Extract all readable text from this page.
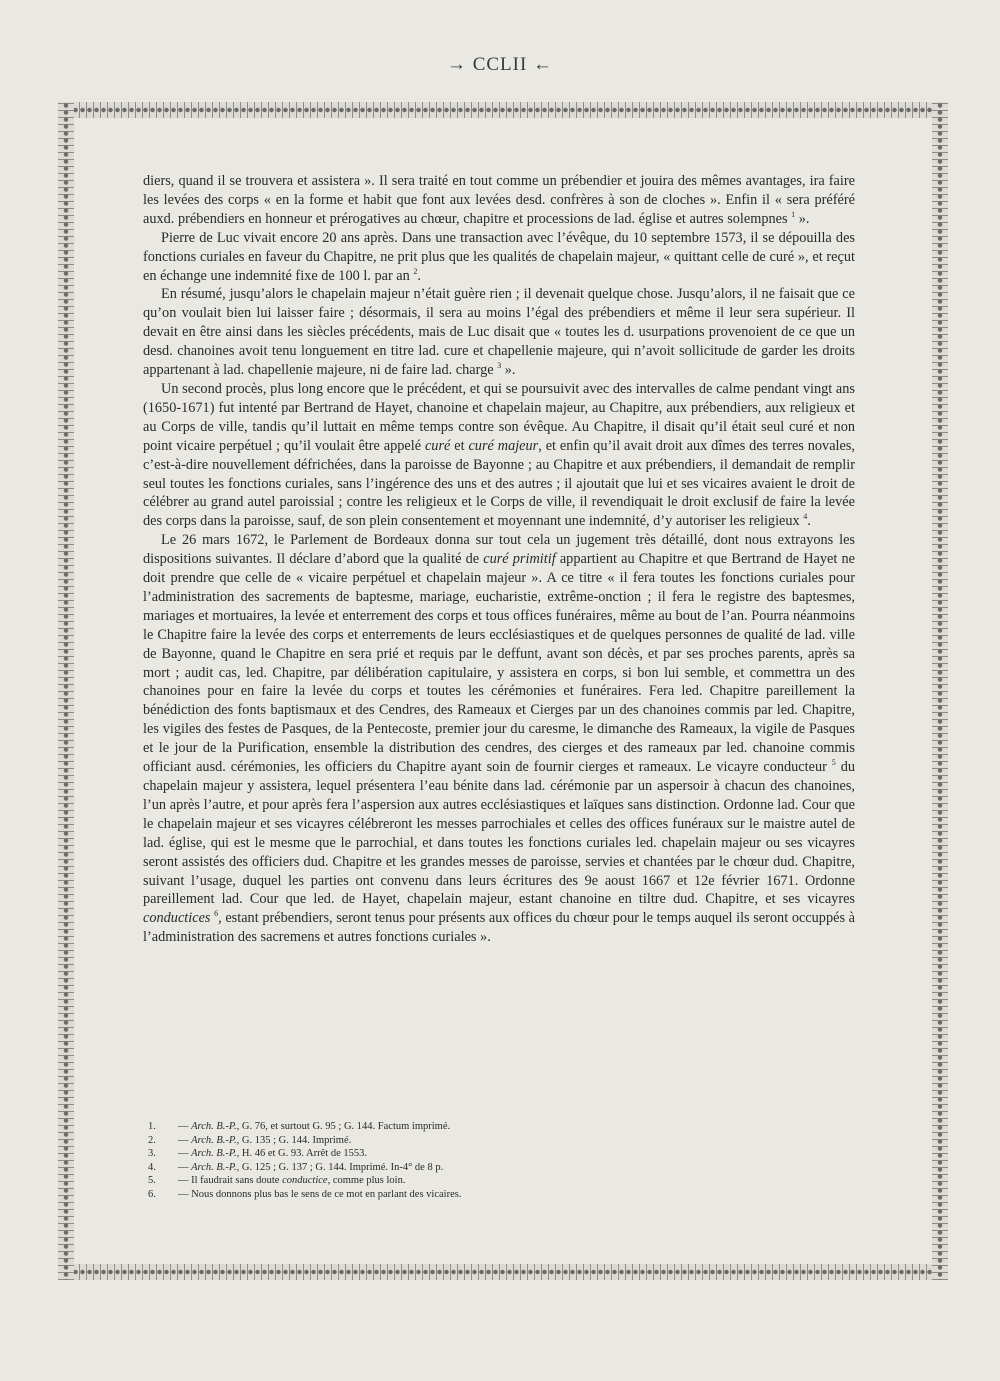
→ CCLII ←

diers, quand il se trouvera et assistera ». Il sera traité en tout comme un prébendier et jouira des mêmes avantages, ira faire les levées des corps « en la forme et habit que font aux levées desd. confrères à son de cloches ». Enfin il « sera préféré auxd. prébendiers en honneur et prérogatives au chœur, chapitre et processions de lad. église et autres solempnes $^1$ ».

Pierre de Luc vivait encore 20 ans après. Dans une transaction avec l’évêque, du 10 septembre 1573, il se dépouilla des fonctions curiales en faveur du Chapitre, ne prit plus que les qualités de chapelain majeur, « quittant celle de curé », et reçut en échange une indemnité fixe de 100 l. par an $^2$.

En résumé, jusqu’alors le chapelain majeur n’était guère rien ; il devenait quelque chose. Jusqu’alors, il ne faisait que ce qu’on voulait bien lui laisser faire ; désormais, il sera au moins l’égal des prébendiers et même il leur sera supérieur. Il devait en être ainsi dans les siècles précédents, mais de Luc disait que « toutes les d. usurpations provenoient de ce que un desd. chanoines avoit tenu longuement en titre lad. cure et chapellenie majeure, qui n’avoit sollicitude de garder les droits appartenant à lad. chapellenie majeure, ni de faire lad. charge $^3$ ».

Un second procès, plus long encore que le précédent, et qui se poursuivit avec des intervalles de calme pendant vingt ans (1650-1671) fut intenté par Bertrand de Hayet, chanoine et chapelain majeur, au Chapitre, aux prébendiers, aux religieux et au Corps de ville, tandis qu’il luttait en même temps contre son évêque. Au Chapitre, il disait qu’il était seul curé et non point vicaire perpétuel ; qu’il voulait être appelé curé et curé majeur, et enfin qu’il avait droit aux dîmes des terres novales, c’est-à-dire nouvellement défrichées, dans la paroisse de Bayonne ; au Chapitre et aux prébendiers, il demandait de remplir seul toutes les fonctions curiales, sans l’ingérence des uns et des autres ; il ajoutait que lui et ses vicaires avaient le droit de célébrer au grand autel paroissial ; contre les religieux et le Corps de ville, il revendiquait le droit exclusif de faire la levée des corps dans la paroisse, sauf, de son plein consentement et moyennant une indemnité, d’y autoriser les religieux $^4$.

Le 26 mars 1672, le Parlement de Bordeaux donna sur tout cela un jugement très détaillé, dont nous extrayons les dispositions suivantes. Il déclare d’abord que la qualité de curé primitif appartient au Chapitre et que Bertrand de Hayet ne doit prendre que celle de « vicaire perpétuel et chapelain majeur ». A ce titre « il fera toutes les fonctions curiales pour l’administration des sacrements de baptesme, mariage, eucharistie, extrême-onction ; il fera le registre des baptesmes, mariages et mortuaires, la levée et enterrement des corps et tous offices funéraires, même au bout de l’an. Pourra néanmoins le Chapitre faire la levée des corps et enterrements de leurs ecclésiastiques et de quelques personnes de qualité de lad. ville de Bayonne, quand le Chapitre en sera prié et requis par le deffunt, avant son décès, et par ses proches parents, après sa mort ; audit cas, led. Chapitre, par délibération capitulaire, y assistera en corps, si bon lui semble, et commettra un des chanoines pour en faire la levée du corps et toutes les cérémonies et funéraires. Fera led. Chapitre pareillement la bénédiction des fonts baptismaux et des Cendres, des Rameaux et Cierges par un des chanoines commis par led. Chapitre, les vigiles des festes de Pasques, de la Pentecoste, premier jour du caresme, le dimanche des Rameaux, la vigile de Pasques et le jour de la Purification, ensemble la distribution des cendres, des cierges et des rameaux par led. chanoine commis officiant ausd. cérémonies, les officiers du Chapitre ayant soin de fournir cierges et rameaux. Le vicayre conducteur $^5$ du chapelain majeur y assistera, lequel présentera l’eau bénite dans lad. cérémonie par un aspersoir à chacun des chanoines, l’un après l’autre, et pour après fera l’aspersion aux autres ecclésiastiques et laïques sans distinction. Ordonne lad. Cour que le chapelain majeur et ses vicayres célébreront les messes parrochiales et celles des offices funéraux sur le maistre autel de lad. église, qui est le mesme que le parrochial, et dans toutes les fonctions curiales led. chapelain majeur ou ses vicayres seront assistés des officiers dud. Chapitre et les grandes messes de paroisse, servies et chantées par le chœur dud. Chapitre, suivant l’usage, duquel les parties ont convenu dans leurs écritures des 9e aoust 1667 et 12e février 1671. Ordonne pareillement lad. Cour que led. de Hayet, chapelain majeur, estant chanoine en tiltre dud. Chapitre, et ses vicayres conductices $^6$, estant prébendiers, seront tenus pour présents aux offices du chœur pour le temps auquel ils seront occuppés à l’administration des sacremens et autres fonctions curiales ».

1.	— Arch. B.-P., G. 76, et surtout G. 95 ; G. 144. Factum imprimé.
2.	— Arch. B.-P., G. 135 ; G. 144. Imprimé.
3.	— Arch. B.-P., H. 46 et G. 93. Arrêt de 1553.
4.	— Arch. B.-P., G. 125 ; G. 137 ; G. 144. Imprimé. In-4° de 8 p.
5.	— Il faudrait sans doute conductice, comme plus loin.
6.	— Nous donnons plus bas le sens de ce mot en parlant des vicaires.
